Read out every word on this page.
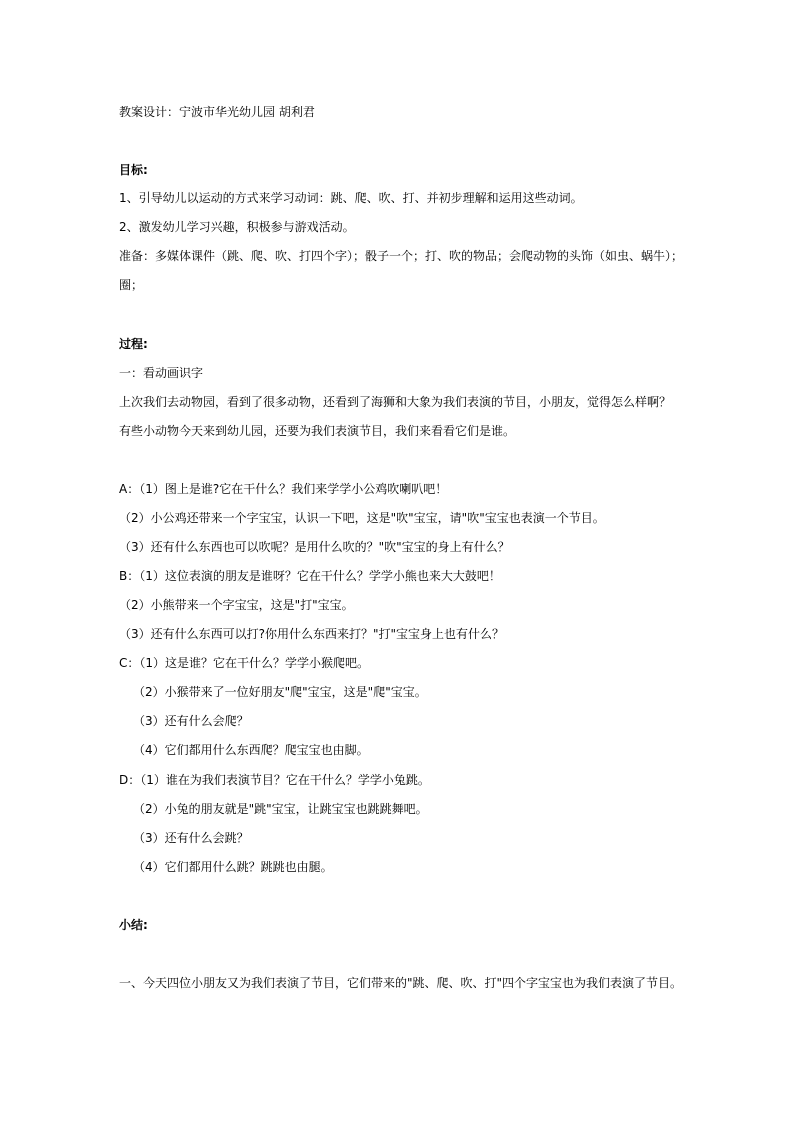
教案设计：宁波市华光幼儿园 胡利君
目标:
1、引导幼儿以运动的方式来学习动词：跳、爬、吹、打、并初步理解和运用这些动词。
2、激发幼儿学习兴趣，积极参与游戏活动。
准备：多媒体课件（跳、爬、吹、打四个字）；骰子一个；打、吹的物品；会爬动物的头饰（如虫、蜗牛）；
圈；
过程:
一：看动画识字
上次我们去动物园，看到了很多动物，还看到了海狮和大象为我们表演的节目，小朋友，觉得怎么样啊？
有些小动物今天来到幼儿园，还要为我们表演节目，我们来看看它们是谁。
A：（1）图上是谁?它在干什么？我们来学学小公鸡吹喇叭吧！
（2）小公鸡还带来一个字宝宝，认识一下吧，这是"吹"宝宝，请"吹"宝宝也表演一个节目。
（3）还有什么东西也可以吹呢？是用什么吹的？"吹"宝宝的身上有什么？
B：（1）这位表演的朋友是谁呀？它在干什么？学学小熊也来大大鼓吧！
（2）小熊带来一个字宝宝，这是"打"宝宝。
（3）还有什么东西可以打?你用什么东西来打？"打"宝宝身上也有什么？
C：（1）这是谁？它在干什么？学学小猴爬吧。
（2）小猴带来了一位好朋友"爬"宝宝，这是"爬"宝宝。
（3）还有什么会爬？
（4）它们都用什么东西爬？爬宝宝也由脚。
D：（1）谁在为我们表演节目？它在干什么？学学小兔跳。
（2）小兔的朋友就是"跳"宝宝，让跳宝宝也跳跳舞吧。
（3）还有什么会跳？
（4）它们都用什么跳？跳跳也由腿。
小结:
一、今天四位小朋友又为我们表演了节目，它们带来的"跳、爬、吹、打"四个字宝宝也为我们表演了节目。
